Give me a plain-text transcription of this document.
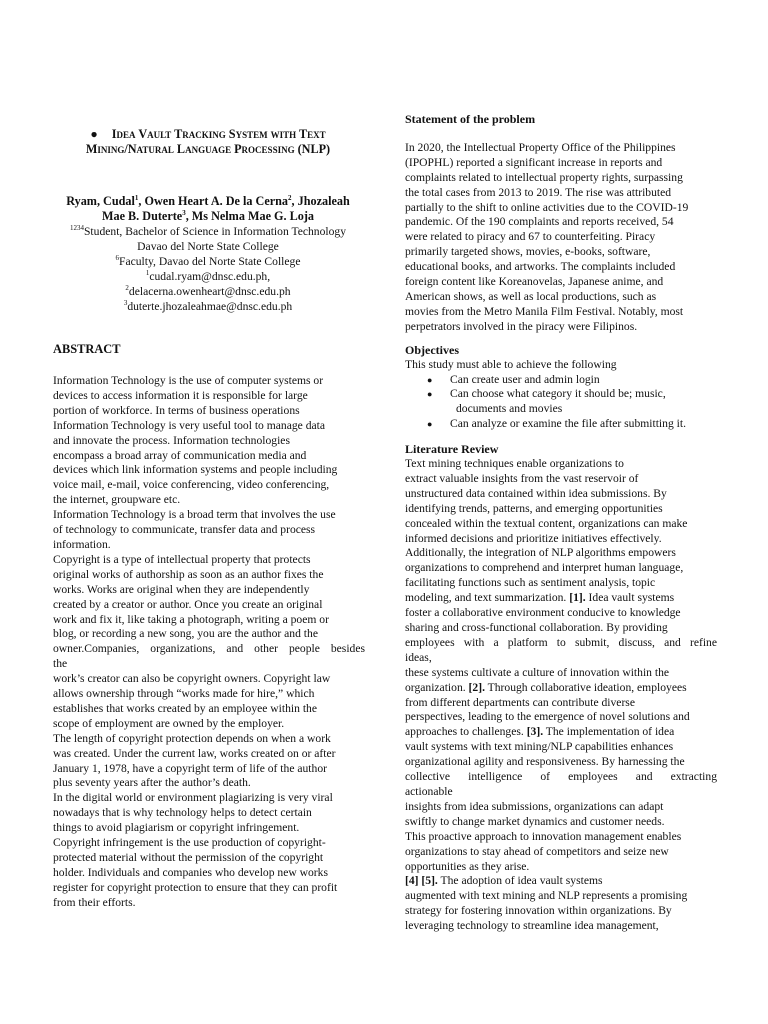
● Idea Vault Tracking System with Text
Mining/Natural Language Processing (NLP)
Ryam, Cudal$^1$, Owen Heart A. De la Cerna$^2$, Jhozaleah
Mae B. Duterte$^3$, Ms Nelma Mae G. Loja
$^{1234}$Student, Bachelor of Science in Information Technology
Davao del Norte State College
$^6$Faculty, Davao del Norte State College
$^1$cudal.ryam@dnsc.edu.ph,
$^2$delacerna.owenheart@dnsc.edu.ph
$^3$duterte.jhozaleahmae@dnsc.edu.ph
ABSTRACT

Information Technology is the use of computer systems or

devices to access information it is responsible for large

portion of workforce. In terms of business operations

Information Technology is very useful tool to manage data

and innovate the process. Information technologies

encompass a broad array of communication media and

devices which link information systems and people including

voice mail, e-mail, voice conferencing, video conferencing,

the internet, groupware etc.

Information Technology is a broad term that involves the use

of technology to communicate, transfer data and process

information.

Copyright is a type of intellectual property that protects

original works of authorship as soon as an author fixes the

works. Works are original when they are independently

created by a creator or author. Once you create an original

work and fix it, like taking a photograph, writing a poem or

blog, or recording a new song, you are the author and the

owner.Companies, organizations, and other people besides

the

work’s creator can also be copyright owners. Copyright law

allows ownership through “works made for hire,” which

establishes that works created by an employee within the

scope of employment are owned by the employer.

The length of copyright protection depends on when a work

was created. Under the current law, works created on or after

January 1, 1978, have a copyright term of life of the author

plus seventy years after the author’s death.

In the digital world or environment plagiarizing is very viral

nowadays that is why technology helps to detect certain

things to avoid plagiarism or copyright infringement.

Copyright infringement is the use production of copyright-

protected material without the permission of the copyright

holder. Individuals and companies who develop new works

register for copyright protection to ensure that they can profit

from their efforts.

Statement of the problem

In 2020, the Intellectual Property Office of the Philippines

(IPOPHL) reported a significant increase in reports and

complaints related to intellectual property rights, surpassing

the total cases from 2013 to 2019. The rise was attributed

partially to the shift to online activities due to the COVID-19

pandemic. Of the 190 complaints and reports received, 54

were related to piracy and 67 to counterfeiting. Piracy

primarily targeted shows, movies, e-books, software,

educational books, and artworks. The complaints included

foreign content like Koreanovelas, Japanese anime, and

American shows, as well as local productions, such as

movies from the Metro Manila Film Festival. Notably, most

perpetrators involved in the piracy were Filipinos.

Objectives

This study must able to achieve the following

● Can create user and admin login
● Can choose what category it should be; music,
documents and movies
● Can analyze or examine the file after submitting it.

Literature Review

Text mining techniques enable organizations to

extract valuable insights from the vast reservoir of

unstructured data contained within idea submissions. By

identifying trends, patterns, and emerging opportunities

concealed within the textual content, organizations can make

informed decisions and prioritize initiatives effectively.

Additionally, the integration of NLP algorithms empowers

organizations to comprehend and interpret human language,

facilitating functions such as sentiment analysis, topic

modeling, and text summarization. [1]. Idea vault systems

foster a collaborative environment conducive to knowledge

sharing and cross-functional collaboration. By providing

employees with a platform to submit, discuss, and refine

ideas,

these systems cultivate a culture of innovation within the

organization. [2]. Through collaborative ideation, employees

from different departments can contribute diverse

perspectives, leading to the emergence of novel solutions and

approaches to challenges. [3]. The implementation of idea

vault systems with text mining/NLP capabilities enhances

organizational agility and responsiveness. By harnessing the

collective intelligence of employees and extracting

actionable

insights from idea submissions, organizations can adapt

swiftly to change market dynamics and customer needs.

This proactive approach to innovation management enables

organizations to stay ahead of competitors and seize new

opportunities as they arise.

[4] [5]. The adoption of idea vault systems

augmented with text mining and NLP represents a promising

strategy for fostering innovation within organizations. By

leveraging technology to streamline idea management,
